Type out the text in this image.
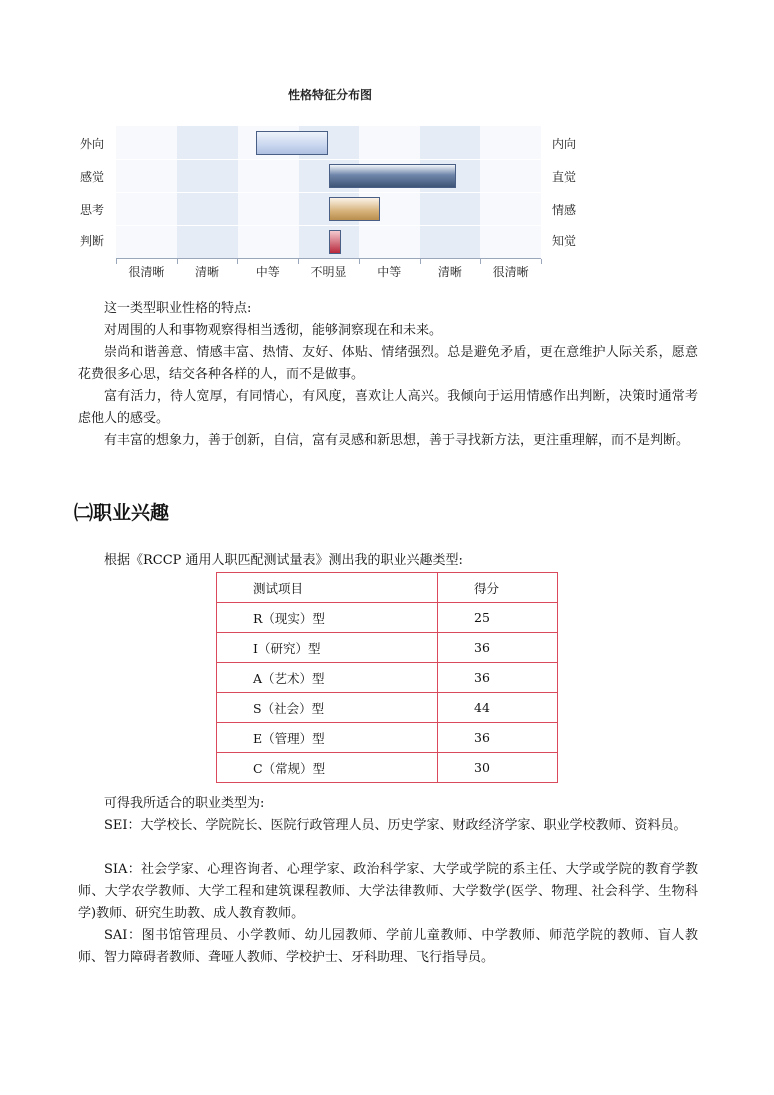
性格特征分布图
外向
感觉
思考
判断
内向
直觉
情感
知觉
很清晰	清晰	中等	不明显	中等	清晰	很清晰

这一类型职业性格的特点:

对周围的人和事物观察得相当透彻，能够洞察现在和未来。

崇尚和谐善意、情感丰富、热情、友好、体贴、情绪强烈。总是避免矛盾，更在意维护人际关系，愿意花费很多心思，结交各种各样的人，而不是做事。

富有活力，待人宽厚，有同情心，有风度，喜欢让人高兴。我倾向于运用情感作出判断，决策时通常考虑他人的感受。

有丰富的想象力，善于创新，自信，富有灵感和新思想，善于寻找新方法，更注重理解，而不是判断。

㈡职业兴趣

根据《RCCP 通用人职匹配测试量表》测出我的职业兴趣类型:

测试项目	得分
R（现实）型	25
I（研究）型	36
A（艺术）型	36
S（社会）型	44
E（管理）型	36
C（常规）型	30

可得我所适合的职业类型为:

SEI：大学校长、学院院长、医院行政管理人员、历史学家、财政经济学家、职业学校教师、资料员。

SIA：社会学家、心理咨询者、心理学家、政治科学家、大学或学院的系主任、大学或学院的教育学教师、大学农学教师、大学工程和建筑课程教师、大学法律教师、大学数学(医学、物理、社会科学、生物科学)教师、研究生助教、成人教育教师。

SAI：图书馆管理员、小学教师、幼儿园教师、学前儿童教师、中学教师、师范学院的教师、盲人教师、智力障碍者教师、聋哑人教师、学校护士、牙科助理、飞行指导员。
